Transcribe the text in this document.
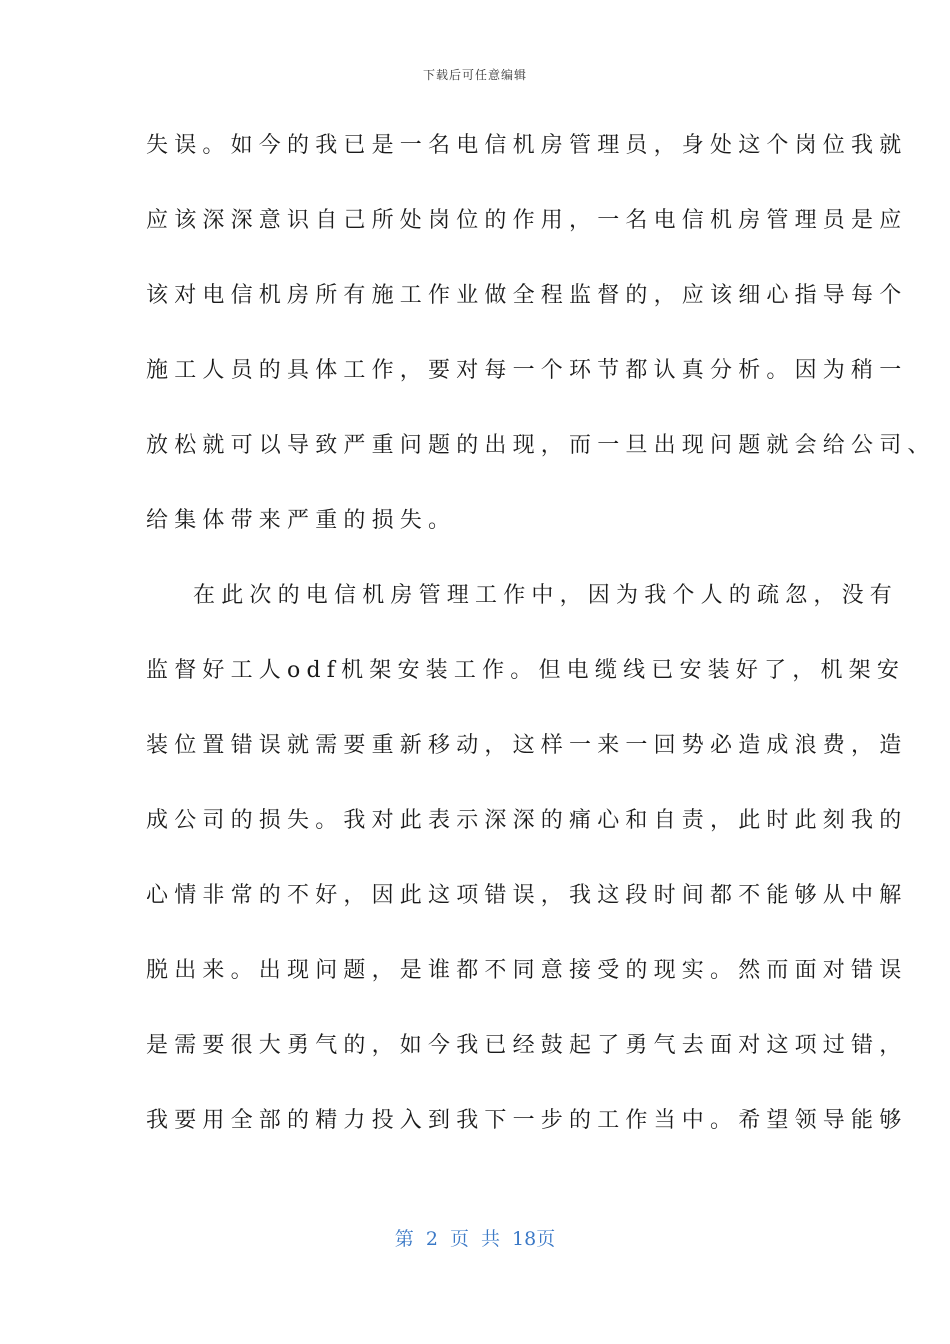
下载后可任意编辑
失误。如今的我已是一名电信机房管理员，身处这个岗位我就
应该深深意识自己所处岗位的作用，一名电信机房管理员是应
该对电信机房所有施工作业做全程监督的，应该细心指导每个
施工人员的具体工作，要对每一个环节都认真分析。因为稍一
放松就可以导致严重问题的出现，而一旦出现问题就会给公司、
给集体带来严重的损失。
在此次的电信机房管理工作中，因为我个人的疏忽，没有
监督好工人odf机架安装工作。但电缆线已安装好了，机架安
装位置错误就需要重新移动，这样一来一回势必造成浪费，造
成公司的损失。我对此表示深深的痛心和自责，此时此刻我的
心情非常的不好，因此这项错误，我这段时间都不能够从中解
脱出来。出现问题，是谁都不同意接受的现实。然而面对错误
是需要很大勇气的，如今我已经鼓起了勇气去面对这项过错，
我要用全部的精力投入到我下一步的工作当中。希望领导能够
第 2 页 共 18页
